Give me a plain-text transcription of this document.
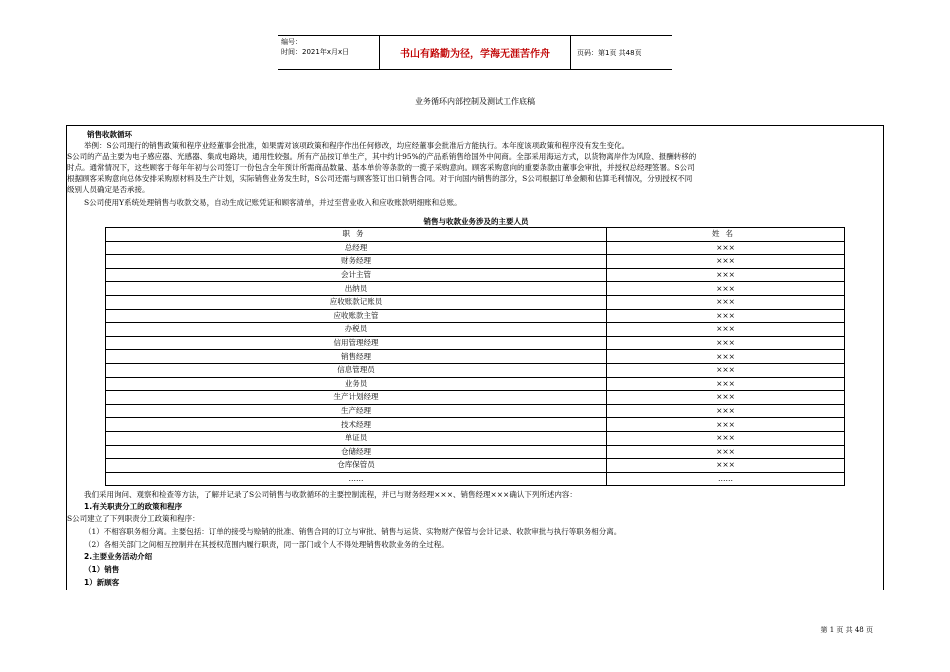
编号：
时间：2021年x月x日	书山有路勤为径，学海无涯苦作舟	页码：第1页 共48页
业务循环内部控制及测试工作底稿
销售收款循环
举例：S公司现行的销售政策和程序业经董事会批准，如果需对该项政策和程序作出任何修改，均应经董事会批准后方能执行。本年度该项政策和程序没有发生变化。
S公司的产品主要为电子感应器、光感器、集成电路块，通用性较强。所有产品按订单生产，其中约计95%的产品系销售给国外中间商。全部采用海运方式，以货物离岸作为风险、报酬转移的
时点。通常情况下，这些顾客于每年年初与公司签订一份包含全年预计所需商品数量、基本单价等条款的一揽子采购意向。顾客采购意向的重要条款由董事会审批，并授权总经理签署。S公司
根据顾客采购意向总体安排采购原材料及生产计划，实际销售业务发生时，S公司还需与顾客签订出口销售合同。对于向国内销售的部分，S公司根据订单金额和估算毛利情况，分别授权不同
级别人员确定是否承接。
S公司使用Y系统处理销售与收款交易，自动生成记账凭证和顾客清单，并过至营业收入和应收账款明细账和总账。
销售与收款业务涉及的主要人员
职务	姓名
总经理	×××
财务经理	×××
会计主管	×××
出纳员	×××
应收账款记账员	×××
应收账款主管	×××
办税员	×××
信用管理经理	×××
销售经理	×××
信息管理员	×××
业务员	×××
生产计划经理	×××
生产经理	×××
技术经理	×××
单证员	×××
仓储经理	×××
仓库保管员	×××
……	……
我们采用询问、观察和检查等方法，了解并记录了S公司销售与收款循环的主要控制流程，并已与财务经理×××、销售经理×××确认下列所述内容：
1.有关职责分工的政策和程序
S公司建立了下列职责分工政策和程序：
（1）不相容职务相分离。主要包括：订单的接受与赊销的批准、销售合同的订立与审批、销售与运货、实物财产保管与会计记录、收款审批与执行等职务相分离。
（2）各相关部门之间相互控制并在其授权范围内履行职责，同一部门或个人不得处理销售收款业务的全过程。
2.主要业务活动介绍
（1）销售
1）新顾客
第 1 页 共 48 页
